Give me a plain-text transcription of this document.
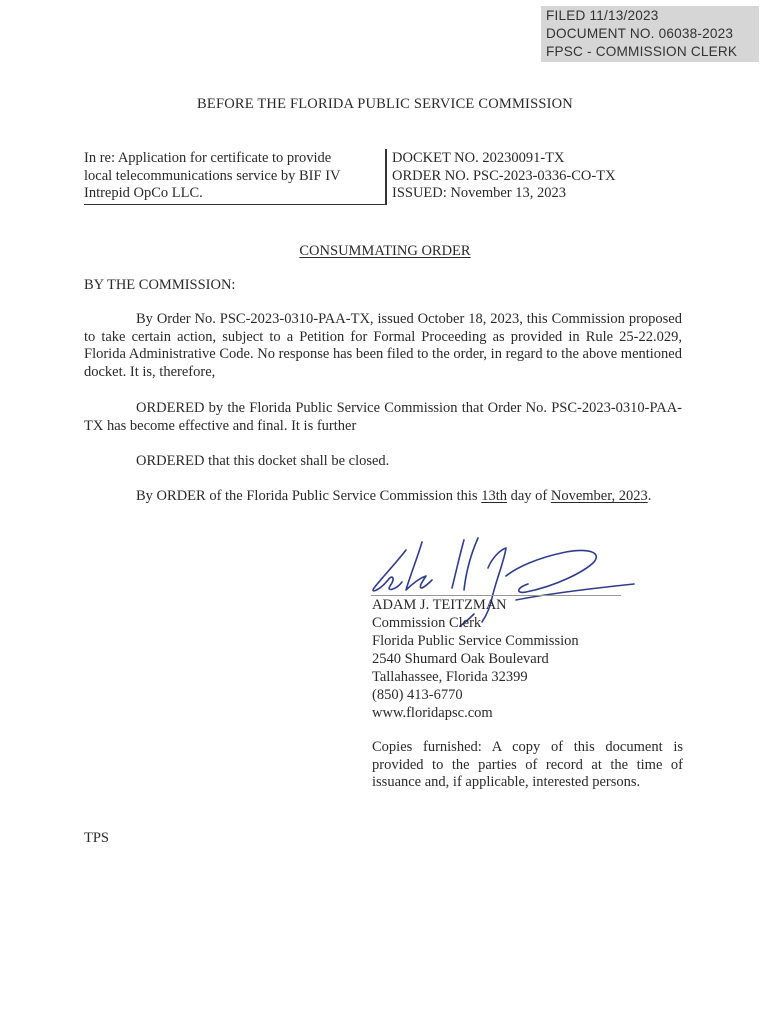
FILED 11/13/2023
DOCUMENT NO. 06038-2023
FPSC - COMMISSION CLERK
BEFORE THE FLORIDA PUBLIC SERVICE COMMISSION
In re: Application for certificate to provide
local telecommunications service by BIF IV
Intrepid OpCo LLC.
DOCKET NO. 20230091-TX
ORDER NO. PSC-2023-0336-CO-TX
ISSUED: November 13, 2023
CONSUMMATING ORDER
BY THE COMMISSION:
By Order No. PSC-2023-0310-PAA-TX, issued October 18, 2023, this Commission proposed to take certain action, subject to a Petition for Formal Proceeding as provided in Rule 25-22.029, Florida Administrative Code. No response has been filed to the order, in regard to the above mentioned docket. It is, therefore,
ORDERED by the Florida Public Service Commission that Order No. PSC-2023-0310-PAA-TX has become effective and final. It is further
ORDERED that this docket shall be closed.
By ORDER of the Florida Public Service Commission this 13th day of November, 2023.
ADAM J. TEITZMAN
Commission Clerk
Florida Public Service Commission
2540 Shumard Oak Boulevard
Tallahassee, Florida 32399
(850) 413-6770
www.floridapsc.com
Copies furnished: A copy of this document is provided to the parties of record at the time of issuance and, if applicable, interested persons.
TPS
